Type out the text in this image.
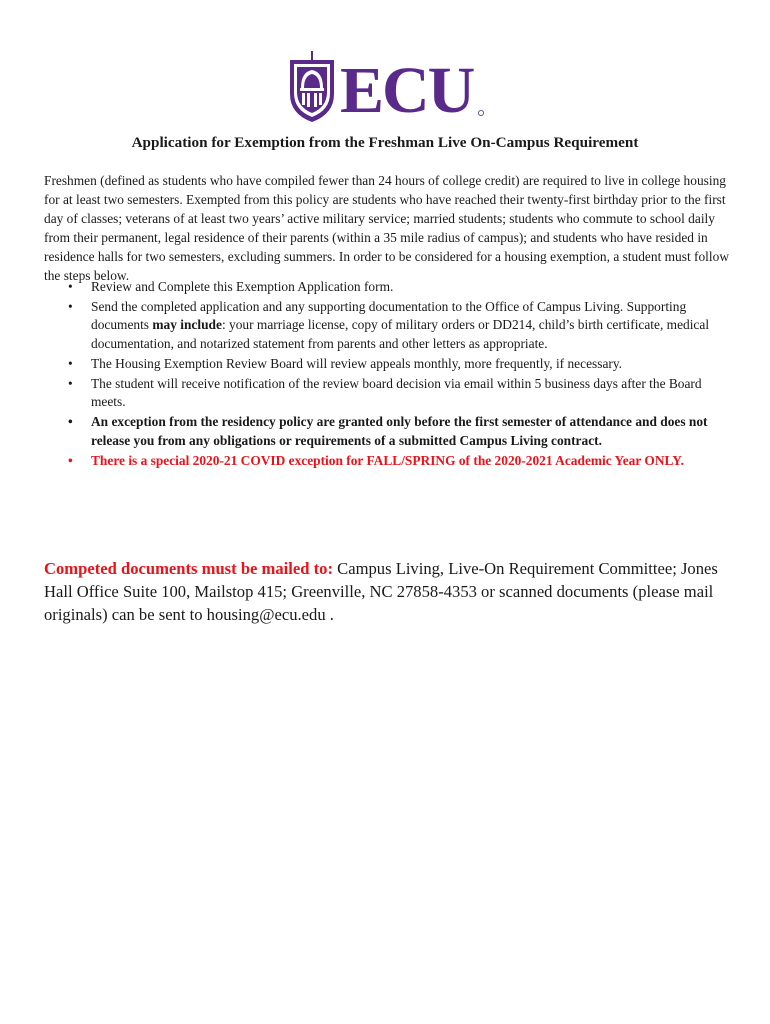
ECU
Application for Exemption from the Freshman Live On-Campus Requirement

Freshmen (defined as students who have compiled fewer than 24 hours of college credit) are required to live in college housing for at least two semesters. Exempted from this policy are students who have reached their twenty-first birthday prior to the first day of classes; veterans of at least two years’ active military service; married students; students who commute to school daily from their permanent, legal residence of their parents (within a 35 mile radius of campus); and students who have resided in residence halls for two semesters, excluding summers. In order to be considered for a housing exemption, a student must follow the steps below.

•	Review and Complete this Exemption Application form.
•	Send the completed application and any supporting documentation to the Office of Campus Living. Supporting documents may include: your marriage license, copy of military orders or DD214, child’s birth certificate, medical documentation, and notarized statement from parents and other letters as appropriate.
•	The Housing Exemption Review Board will review appeals monthly, more frequently, if necessary.
•	The student will receive notification of the review board decision via email within 5 business days after the Board meets.
•	An exception from the residency policy are granted only before the first semester of attendance and does not release you from any obligations or requirements of a submitted Campus Living contract.
•	There is a special 2020-21 COVID exception for FALL/SPRING of the 2020-2021 Academic Year ONLY.

Competed documents must be mailed to: Campus Living, Live-On Requirement Committee; Jones Hall Office Suite 100, Mailstop 415; Greenville, NC 27858-4353 or scanned documents (please mail originals) can be sent to housing@ecu.edu .
